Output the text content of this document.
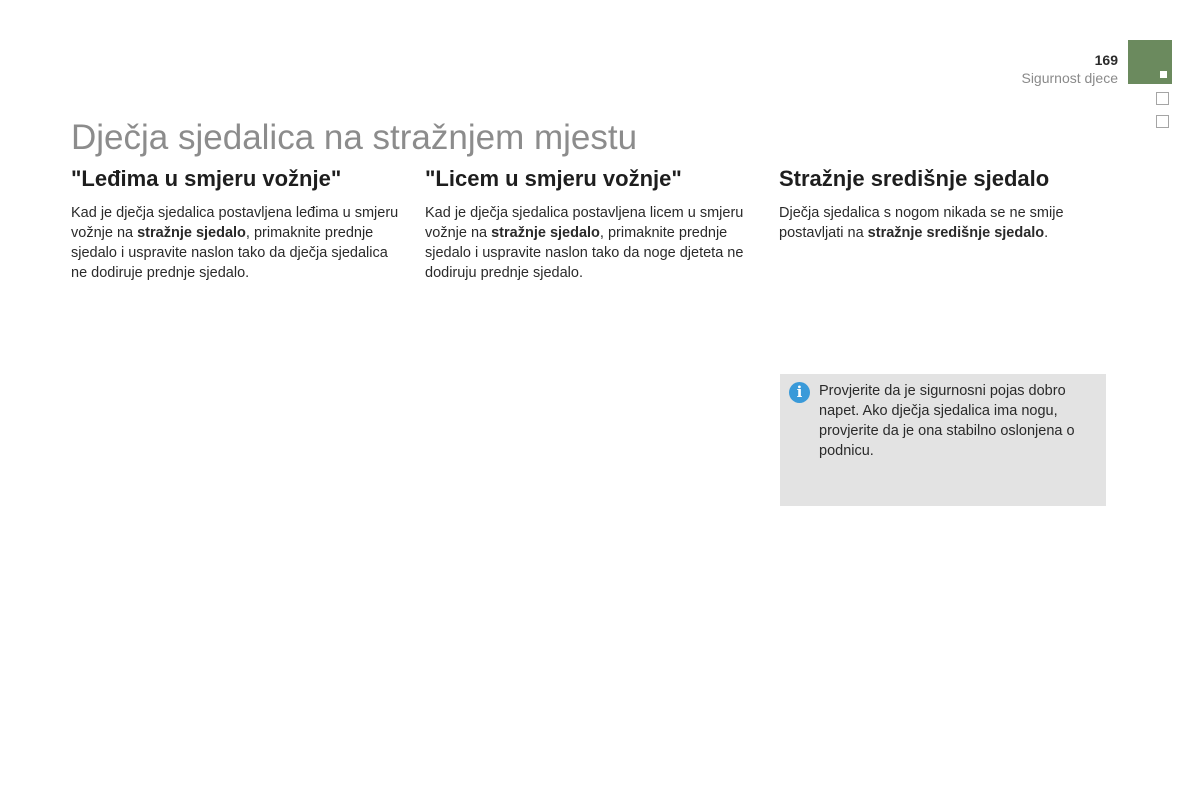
169
Sigurnost djece
Dječja sjedalica na stražnjem mjestu
"Leđima u smjeru vožnje"

Kad je dječja sjedalica postavljena leđima u smjeru vožnje na stražnje sjedalo, primaknite prednje sjedalo i uspravite naslon tako da dječja sjedalica ne dodiruje prednje sjedalo.

"Licem u smjeru vožnje"

Kad je dječja sjedalica postavljena licem u smjeru vožnje na stražnje sjedalo, primaknite prednje sjedalo i uspravite naslon tako da noge djeteta ne dodiruju prednje sjedalo.

Stražnje središnje sjedalo

Dječja sjedalica s nogom nikada se ne smije postavljati na stražnje središnje sjedalo.

i	Provjerite da je sigurnosni pojas dobro napet. Ako dječja sjedalica ima nogu, provjerite da je ona stabilno oslonjena o podnicu.
